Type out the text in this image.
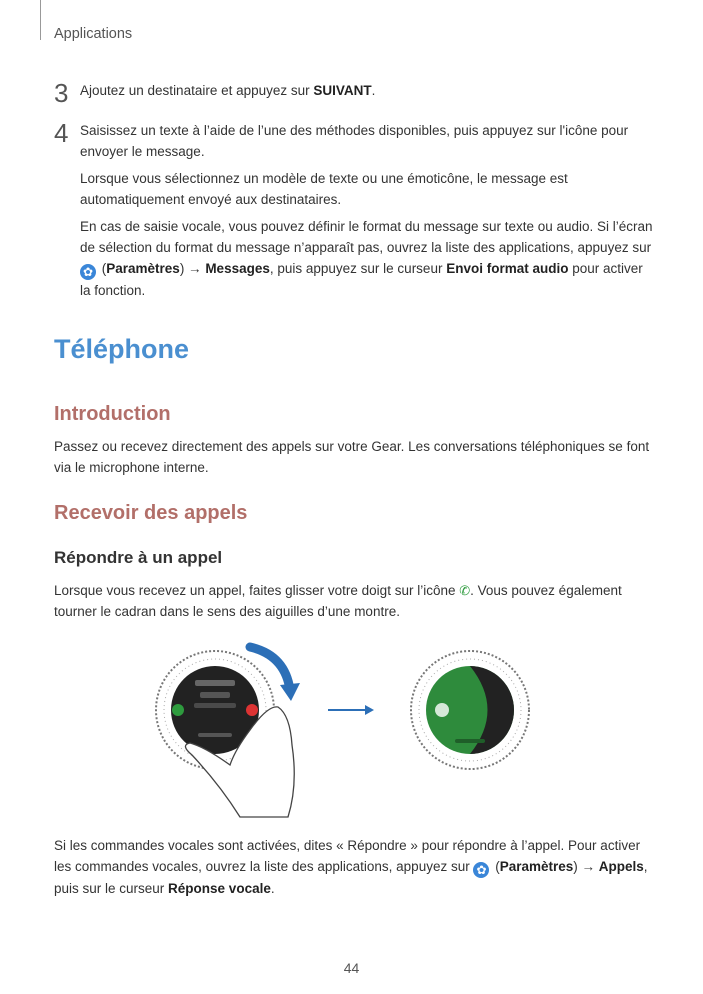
Applications
3 Ajoutez un destinataire et appuyez sur SUIVANT.

4 Saisissez un texte à l’aide de l’une des méthodes disponibles, puis appuyez sur l'icône pour envoyer le message.

Lorsque vous sélectionnez un modèle de texte ou une émoticône, le message est automatiquement envoyé aux destinataires.

En cas de saisie vocale, vous pouvez définir le format du message sur texte ou audio. Si l’écran de sélection du format du message n’apparaît pas, ouvrez la liste des applications, appuyez sur ✿ (Paramètres) → Messages, puis appuyez sur le curseur Envoi format audio pour activer la fonction.

Téléphone
Introduction

Passez ou recevez directement des appels sur votre Gear. Les conversations téléphoniques se font via le microphone interne.

Recevoir des appels
Répondre à un appel

Lorsque vous recevez un appel, faites glisser votre doigt sur l’icône ✆. Vous pouvez également tourner le cadran dans le sens des aiguilles d’une montre.

Si les commandes vocales sont activées, dites « Répondre » pour répondre à l’appel. Pour activer les commandes vocales, ouvrez la liste des applications, appuyez sur ✿ (Paramètres) → Appels, puis sur le curseur Réponse vocale.

44
